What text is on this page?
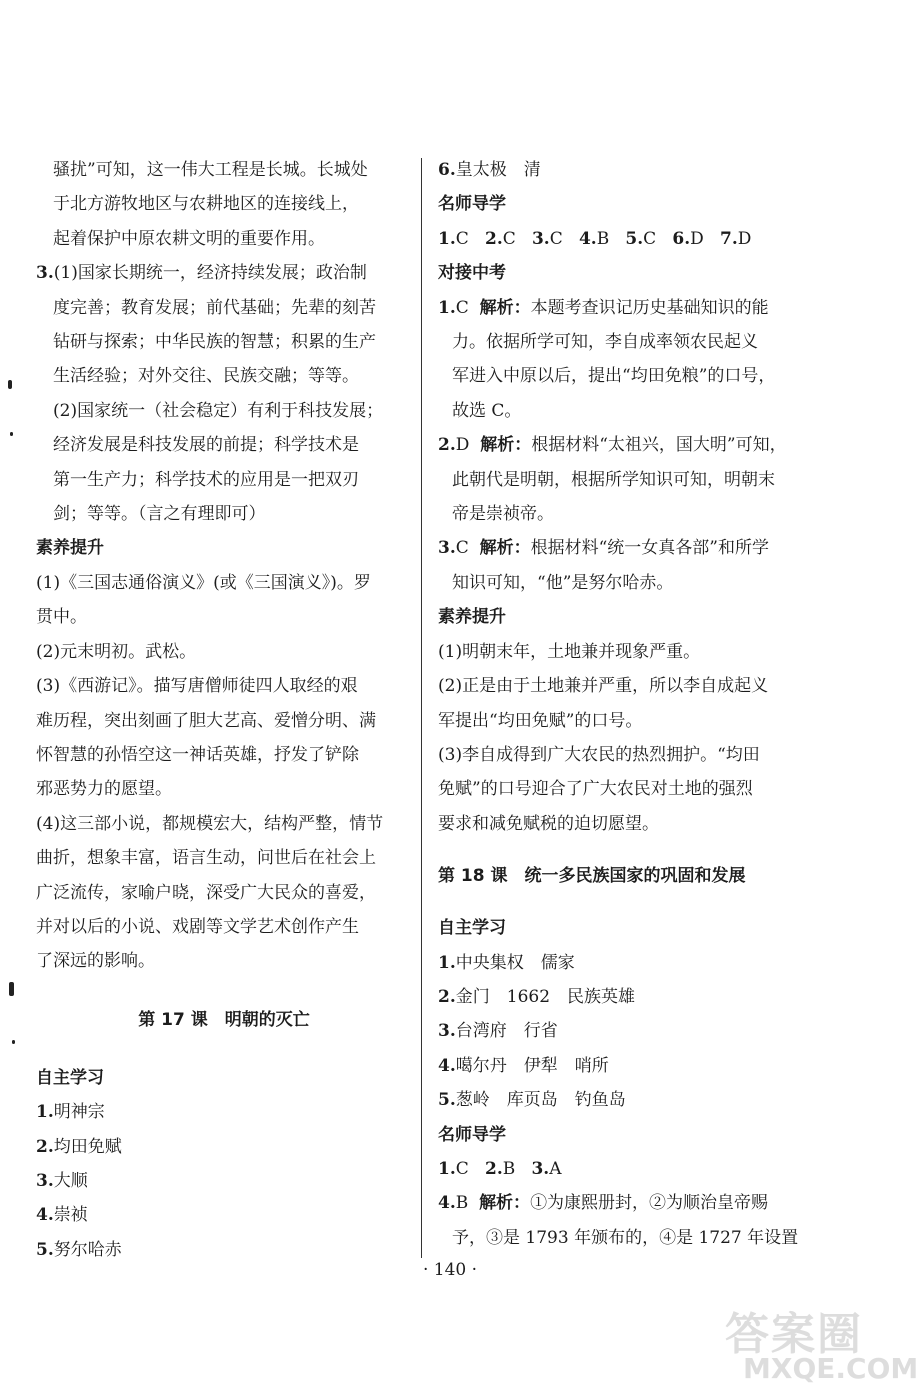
骚扰”可知，这一伟大工程是长城。长城处

于北方游牧地区与农耕地区的连接线上，

起着保护中原农耕文明的重要作用。

3.(1)国家长期统一，经济持续发展；政治制

度完善；教育发展；前代基础；先辈的刻苦

钻研与探索；中华民族的智慧；积累的生产

生活经验；对外交往、民族交融；等等。

(2)国家统一（社会稳定）有利于科技发展；

经济发展是科技发展的前提；科学技术是

第一生产力；科学技术的应用是一把双刃

剑；等等。（言之有理即可）

素养提升

(1)《三国志通俗演义》(或《三国演义》)。罗

贯中。

(2)元末明初。武松。

(3)《西游记》。描写唐僧师徒四人取经的艰

难历程，突出刻画了胆大艺高、爱憎分明、满

怀智慧的孙悟空这一神话英雄，抒发了铲除

邪恶势力的愿望。

(4)这三部小说，都规模宏大，结构严整，情节

曲折，想象丰富，语言生动，问世后在社会上

广泛流传，家喻户晓，深受广大民众的喜爱，

并对以后的小说、戏剧等文学艺术创作产生

了深远的影响。

第 17 课　明朝的灭亡

自主学习

1.明神宗

2.均田免赋

3.大顺

4.崇祯

5.努尔哈赤

6.皇太极　清

名师导学

1.C 2.C 3.C 4.B 5.C 6.D 7.D

对接中考

1.C 解析：本题考查识记历史基础知识的能

力。依据所学可知，李自成率领农民起义

军进入中原以后，提出“均田免粮”的口号，

故选 C。

2.D 解析：根据材料“太祖兴，国大明”可知，

此朝代是明朝，根据所学知识可知，明朝末

帝是崇祯帝。

3.C 解析：根据材料“统一女真各部”和所学

知识可知，“他”是努尔哈赤。

素养提升

(1)明朝末年，土地兼并现象严重。

(2)正是由于土地兼并严重，所以李自成起义

军提出“均田免赋”的口号。

(3)李自成得到广大农民的热烈拥护。“均田

免赋”的口号迎合了广大农民对土地的强烈

要求和减免赋税的迫切愿望。

第 18 课　统一多民族国家的巩固和发展

自主学习

1.中央集权　儒家

2.金门　1662　民族英雄

3.台湾府　行省

4.噶尔丹　伊犁　哨所

5.葱岭　库页岛　钓鱼岛

名师导学

1.C 2.B 3.A

4.B 解析：①为康熙册封，②为顺治皇帝赐

予，③是 1793 年颁布的，④是 1727 年设置

· 140 ·
答案圈
MXQE.COM
